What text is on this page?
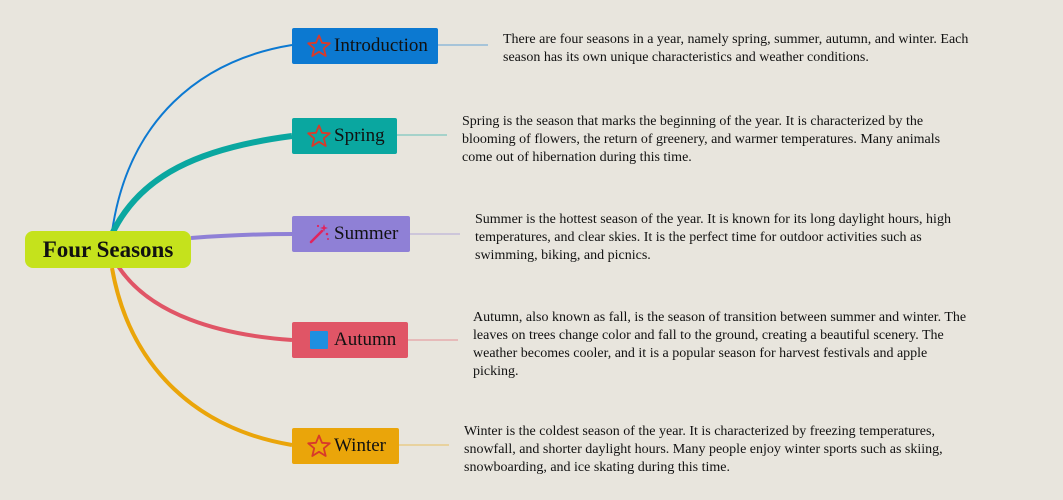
Four Seasons
Introduction	There are four seasons in a year, namely spring, summer, autumn, and winter. Each season has its own unique characteristics and weather conditions.
Spring
Spring is the season that marks the beginning of the year. It is characterized by the blooming of flowers, the return of greenery, and warmer temperatures. Many animals come out of hibernation during this time.
Summer
Summer is the hottest season of the year. It is known for its long daylight hours, high temperatures, and clear skies. It is the perfect time for outdoor activities such as swimming, biking, and picnics.
Autumn
Autumn, also known as fall, is the season of transition between summer and winter. The leaves on trees change color and fall to the ground, creating a beautiful scenery. The weather becomes cooler, and it is a popular season for harvest festivals and apple picking.
Winter
Winter is the coldest season of the year. It is characterized by freezing temperatures, snowfall, and shorter daylight hours. Many people enjoy winter sports such as skiing, snowboarding, and ice skating during this time.
